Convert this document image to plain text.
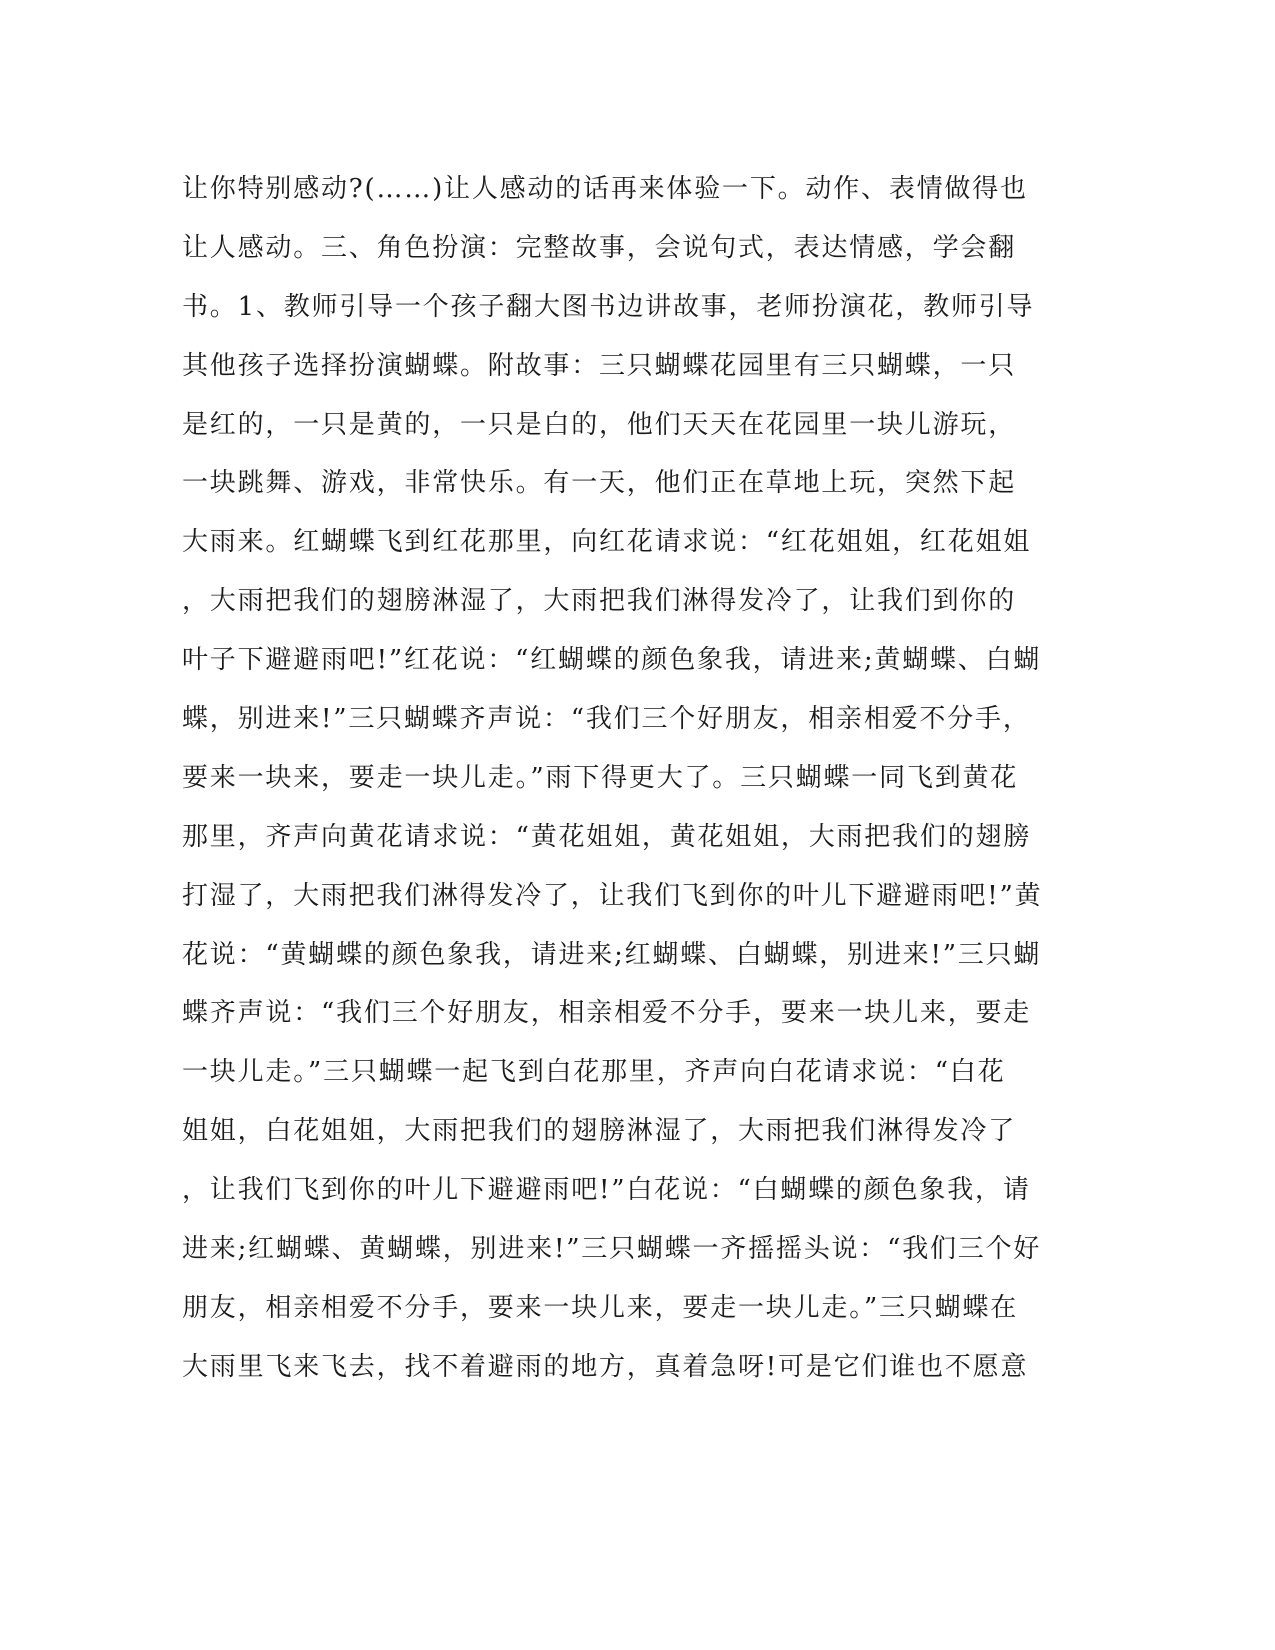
让你特别感动?(……)让人感动的话再来体验一下。动作、表情做得也
让人感动。三、角色扮演：完整故事，会说句式，表达情感，学会翻
书。1、教师引导一个孩子翻大图书边讲故事，老师扮演花，教师引导
其他孩子选择扮演蝴蝶。附故事：三只蝴蝶花园里有三只蝴蝶，一只
是红的，一只是黄的，一只是白的，他们天天在花园里一块儿游玩，
一块跳舞、游戏，非常快乐。有一天，他们正在草地上玩，突然下起
大雨来。红蝴蝶飞到红花那里，向红花请求说：“红花姐姐，红花姐姐
，大雨把我们的翅膀淋湿了，大雨把我们淋得发冷了，让我们到你的
叶子下避避雨吧!”红花说：“红蝴蝶的颜色象我，请进来;黄蝴蝶、白蝴
蝶，别进来!”三只蝴蝶齐声说：“我们三个好朋友，相亲相爱不分手，
要来一块来，要走一块儿走。”雨下得更大了。三只蝴蝶一同飞到黄花
那里，齐声向黄花请求说：“黄花姐姐，黄花姐姐，大雨把我们的翅膀
打湿了，大雨把我们淋得发冷了，让我们飞到你的叶儿下避避雨吧!”黄
花说：“黄蝴蝶的颜色象我，请进来;红蝴蝶、白蝴蝶，别进来!”三只蝴
蝶齐声说：“我们三个好朋友，相亲相爱不分手，要来一块儿来，要走
一块儿走。”三只蝴蝶一起飞到白花那里，齐声向白花请求说：“白花
姐姐，白花姐姐，大雨把我们的翅膀淋湿了，大雨把我们淋得发冷了
，让我们飞到你的叶儿下避避雨吧!”白花说：“白蝴蝶的颜色象我，请
进来;红蝴蝶、黄蝴蝶，别进来!”三只蝴蝶一齐摇摇头说：“我们三个好
朋友，相亲相爱不分手，要来一块儿来，要走一块儿走。”三只蝴蝶在
大雨里飞来飞去，找不着避雨的地方，真着急呀!可是它们谁也不愿意
